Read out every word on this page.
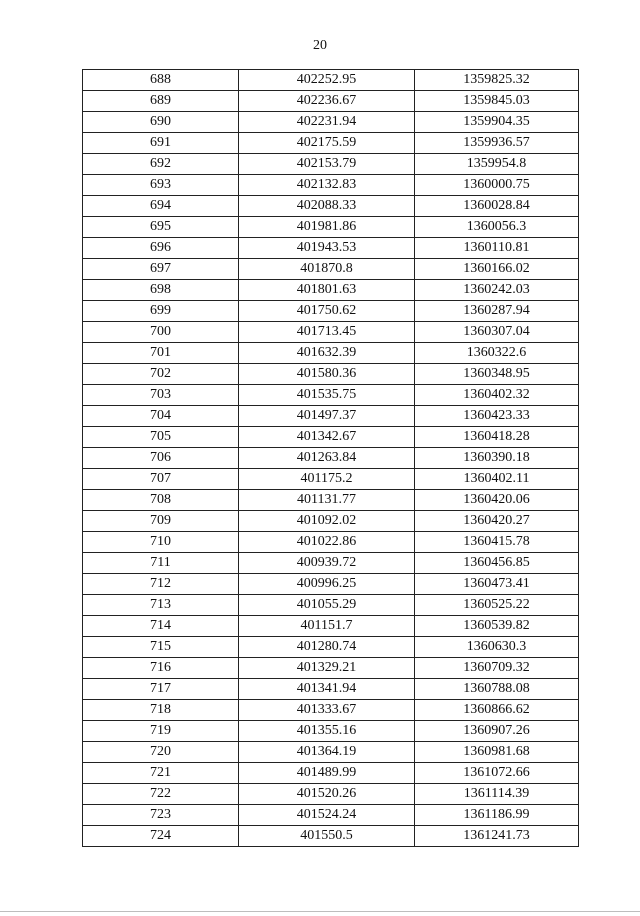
20
688	402252.95	1359825.32
689	402236.67	1359845.03
690	402231.94	1359904.35
691	402175.59	1359936.57
692	402153.79	1359954.8
693	402132.83	1360000.75
694	402088.33	1360028.84
695	401981.86	1360056.3
696	401943.53	1360110.81
697	401870.8	1360166.02
698	401801.63	1360242.03
699	401750.62	1360287.94
700	401713.45	1360307.04
701	401632.39	1360322.6
702	401580.36	1360348.95
703	401535.75	1360402.32
704	401497.37	1360423.33
705	401342.67	1360418.28
706	401263.84	1360390.18
707	401175.2	1360402.11
708	401131.77	1360420.06
709	401092.02	1360420.27
710	401022.86	1360415.78
711	400939.72	1360456.85
712	400996.25	1360473.41
713	401055.29	1360525.22
714	401151.7	1360539.82
715	401280.74	1360630.3
716	401329.21	1360709.32
717	401341.94	1360788.08
718	401333.67	1360866.62
719	401355.16	1360907.26
720	401364.19	1360981.68
721	401489.99	1361072.66
722	401520.26	1361114.39
723	401524.24	1361186.99
724	401550.5	1361241.73
